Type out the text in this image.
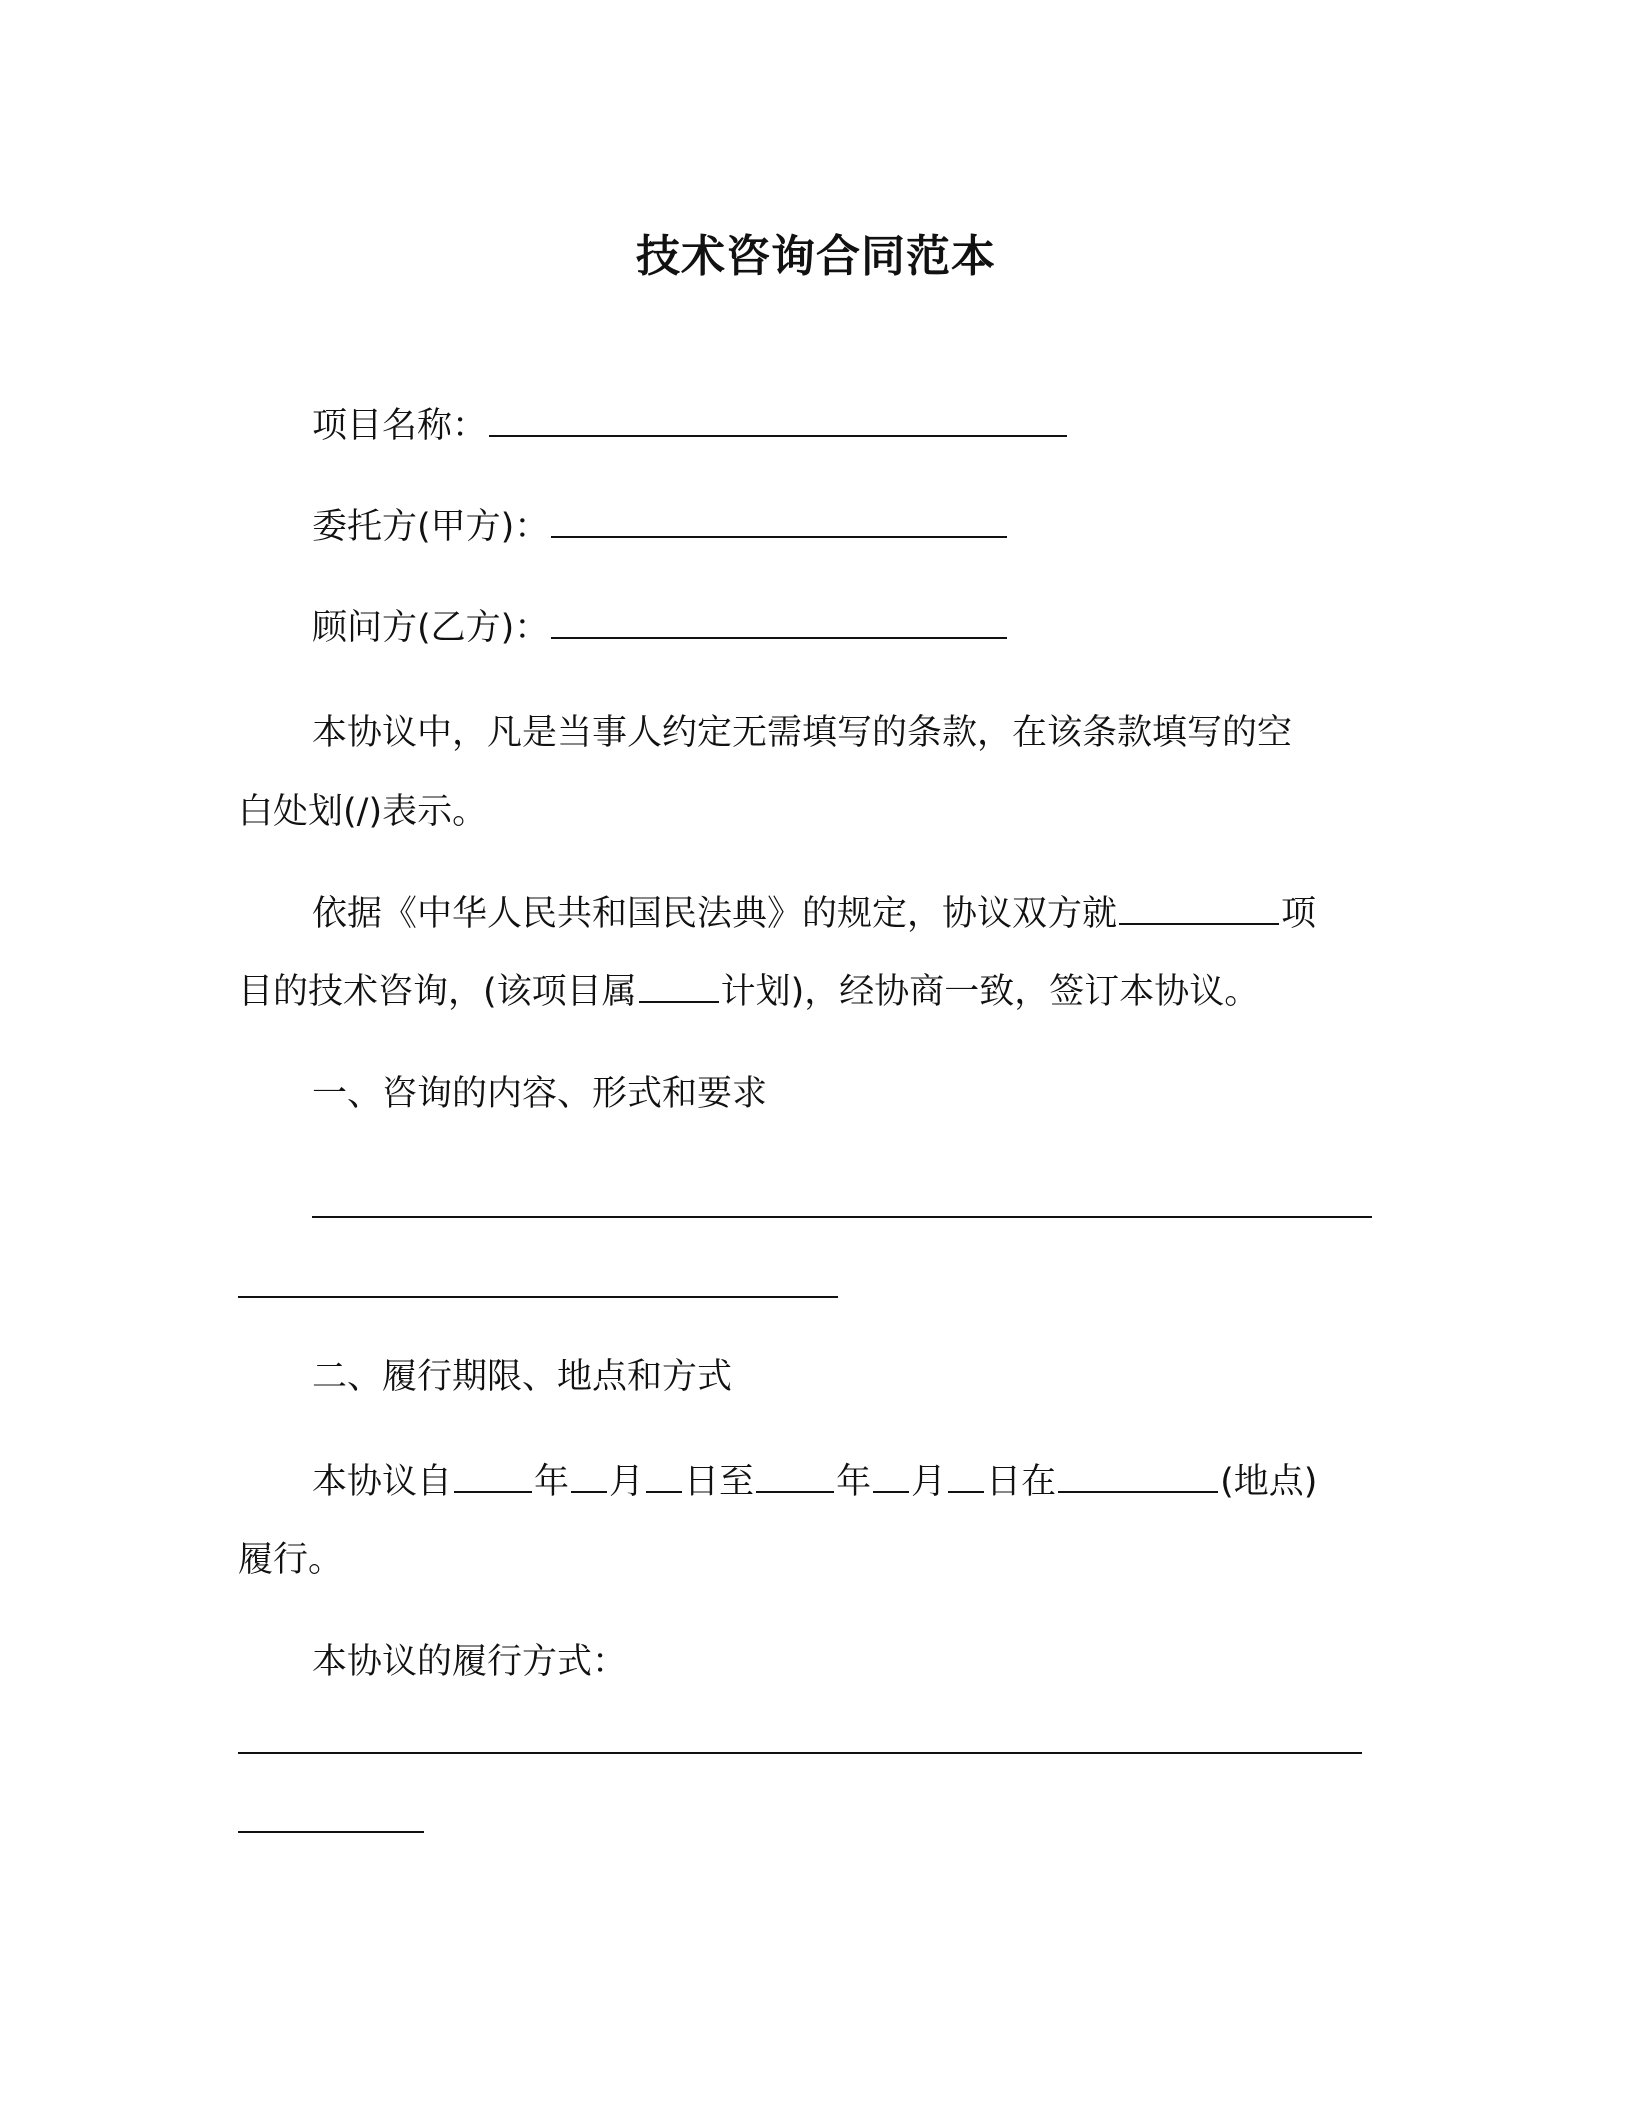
技术咨询合同范本
项目名称：
委托方(甲方)：
顾问方(乙方)：
本协议中，凡是当事人约定无需填写的条款，在该条款填写的空
白处划(/)表示。
依据《中华人民共和国民法典》的规定，协议双方就	项
目的技术咨询，(该项目属 计划)，经协商一致，签订本协议。
一、咨询的内容、形式和要求
二、履行期限、地点和方式
本协议自 年 月 日至 年 月 日在	(地点)
履行。
本协议的履行方式：
